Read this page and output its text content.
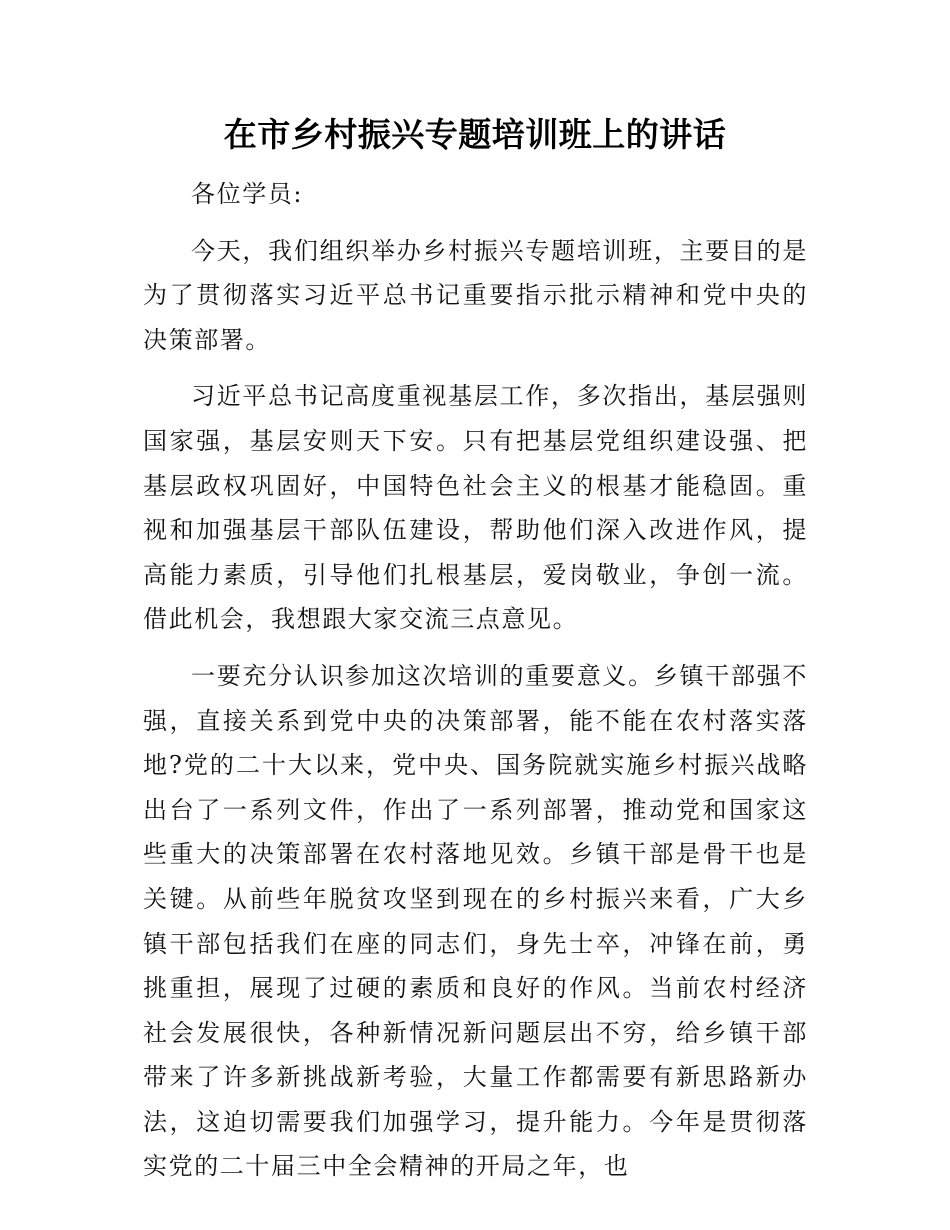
在市乡村振兴专题培训班上的讲话

各位学员:

今天，我们组织举办乡村振兴专题培训班，主要目的是为了贯彻落实习近平总书记重要指示批示精神和党中央的决策部署。

习近平总书记高度重视基层工作，多次指出，基层强则国家强，基层安则天下安。只有把基层党组织建设强、把基层政权巩固好，中国特色社会主义的根基才能稳固。重视和加强基层干部队伍建设，帮助他们深入改进作风，提高能力素质，引导他们扎根基层，爱岗敬业，争创一流。借此机会，我想跟大家交流三点意见。

一要充分认识参加这次培训的重要意义。乡镇干部强不强，直接关系到党中央的决策部署，能不能在农村落实落地?党的二十大以来，党中央、国务院就实施乡村振兴战略出台了一系列文件，作出了一系列部署，推动党和国家这些重大的决策部署在农村落地见效。乡镇干部是骨干也是关键。从前些年脱贫攻坚到现在的乡村振兴来看，广大乡镇干部包括我们在座的同志们，身先士卒，冲锋在前，勇挑重担，展现了过硬的素质和良好的作风。当前农村经济社会发展很快，各种新情况新问题层出不穷，给乡镇干部带来了许多新挑战新考验，大量工作都需要有新思路新办法，这迫切需要我们加强学习，提升能力。今年是贯彻落实党的二十届三中全会精神的开局之年，也
